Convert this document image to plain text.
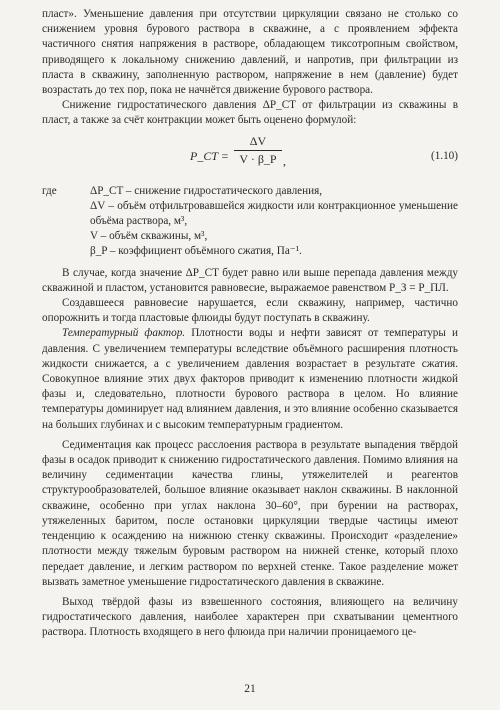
пласт». Уменьшение давления при отсутствии циркуляции связано не столько со снижением уровня бурового раствора в скважине, а с проявлением эффекта частичного снятия напряжения в растворе, обладающем тиксотропным свойством, приводящего к локальному снижению давлений, и напротив, при фильтрации из пласта в скважину, заполненную раствором, напряжение в нем (давление) будет возрастать до тех пор, пока не начнётся движение бурового раствора.

Снижение гидростатического давления ΔP_CT от фильтрации из скважины в пласт, а также за счёт контракции может быть оценено формулой:

P_CT =
ΔV
V · β_P ,	(1.10)
где	ΔP_CT – снижение гидростатического давления,
ΔV – объём отфильтровавшейся жидкости или контракционное уменьшение объёма раствора, м³,
V – объём скважины, м³,
β_P – коэффициент объёмного сжатия, Па⁻¹.

В случае, когда значение ΔP_CT будет равно или выше перепада давления между скважиной и пластом, установится равновесие, выражаемое равенством P_З = P_ПЛ.

Создавшееся равновесие нарушается, если скважину, например, частично опорожнить и тогда пластовые флюиды будут поступать в скважину.

Температурный фактор. Плотности воды и нефти зависят от температуры и давления. С увеличением температуры вследствие объёмного расширения плотность жидкости снижается, а с увеличением давления возрастает в результате сжатия. Совокупное влияние этих двух факторов приводит к изменению плотности жидкой фазы и, следовательно, плотности бурового раствора в целом. Но влияние температуры доминирует над влиянием давления, и это влияние особенно сказывается на больших глубинах и с высоким температурным градиентом.

Седиментация как процесс расслоения раствора в результате выпадения твёрдой фазы в осадок приводит к снижению гидростатического давления. Помимо влияния на величину седиментации качества глины, утяжелителей и реагентов структурообразователей, большое влияние оказывает наклон скважины. В наклонной скважине, особенно при углах наклона 30–60°, при бурении на растворах, утяжеленных баритом, после остановки циркуляции твердые частицы имеют тенденцию к осаждению на нижнюю стенку скважины. Происходит «разделение» плотности между тяжелым буровым раствором на нижней стенке, который плохо передает давление, и легким раствором по верхней стенке. Такое разделение может вызвать заметное уменьшение гидростатического давления в скважине.

Выход твёрдой фазы из взвешенного состояния, влияющего на величину гидростатического давления, наиболее характерен при схватывании цементного раствора. Плотность входящего в него флюида при наличии проницаемого це-

21
